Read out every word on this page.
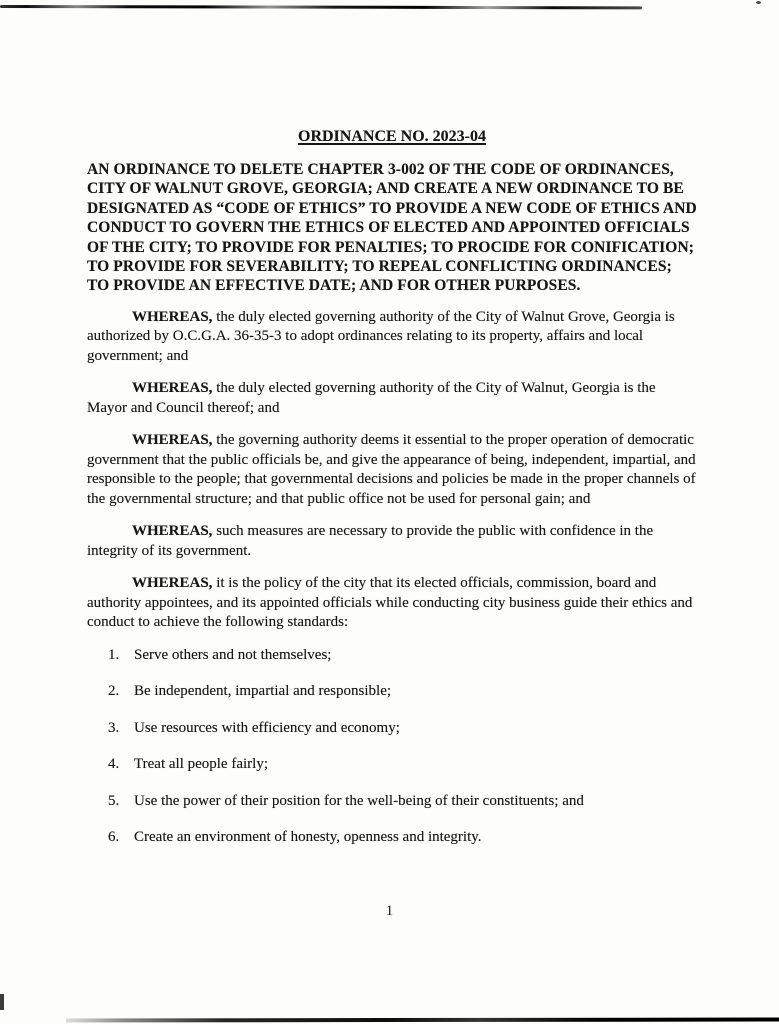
ORDINANCE NO. 2023-04

AN ORDINANCE TO DELETE CHAPTER 3-002 OF THE CODE OF ORDINANCES, CITY OF WALNUT GROVE, GEORGIA; AND CREATE A NEW ORDINANCE TO BE DESIGNATED AS “CODE OF ETHICS” TO PROVIDE A NEW CODE OF ETHICS AND CONDUCT TO GOVERN THE ETHICS OF ELECTED AND APPOINTED OFFICIALS OF THE CITY; TO PROVIDE FOR PENALTIES; TO PROCIDE FOR CONIFICATION; TO PROVIDE FOR SEVERABILITY; TO REPEAL CONFLICTING ORDINANCES; TO PROVIDE AN EFFECTIVE DATE; AND FOR OTHER PURPOSES.

WHEREAS, the duly elected governing authority of the City of Walnut Grove, Georgia is authorized by O.C.G.A. 36-35-3 to adopt ordinances relating to its property, affairs and local government; and

WHEREAS, the duly elected governing authority of the City of Walnut, Georgia is the Mayor and Council thereof; and

WHEREAS, the governing authority deems it essential to the proper operation of democratic government that the public officials be, and give the appearance of being, independent, impartial, and responsible to the people; that governmental decisions and policies be made in the proper channels of the governmental structure; and that public office not be used for personal gain; and

WHEREAS, such measures are necessary to provide the public with confidence in the integrity of its government.

WHEREAS, it is the policy of the city that its elected officials, commission, board and authority appointees, and its appointed officials while conducting city business guide their ethics and conduct to achieve the following standards:

1. Serve others and not themselves;
2. Be independent, impartial and responsible;
3. Use resources with efficiency and economy;
4. Treat all people fairly;
5. Use the power of their position for the well-being of their constituents; and
6. Create an environment of honesty, openness and integrity.
1
